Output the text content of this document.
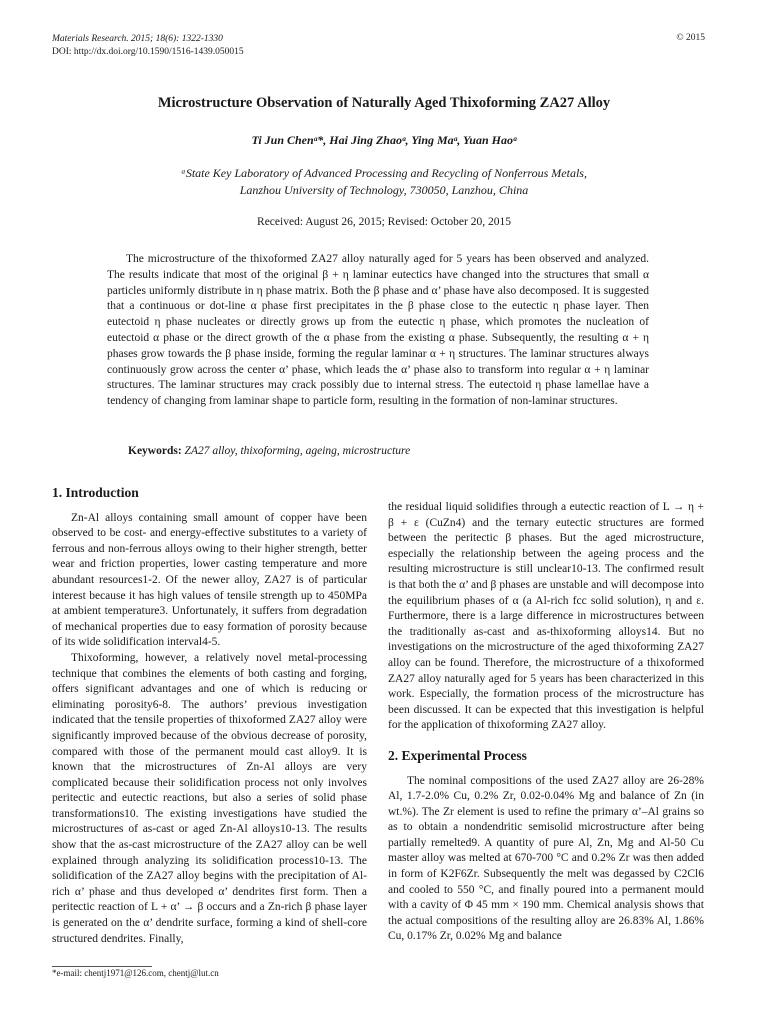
Materials Research. 2015; 18(6): 1322-1330
DOI: http://dx.doi.org/10.1590/1516-1439.050015
© 2015
Microstructure Observation of Naturally Aged Thixoforming ZA27 Alloy
Ti Jun Chenᵃ*, Hai Jing Zhaoᵃ, Ying Maᵃ, Yuan Haoᵃ
ᵃState Key Laboratory of Advanced Processing and Recycling of Nonferrous Metals,
Lanzhou University of Technology, 730050, Lanzhou, China
Received: August 26, 2015; Revised: October 20, 2015

The microstructure of the thixoformed ZA27 alloy naturally aged for 5 years has been observed and analyzed. The results indicate that most of the original β + η laminar eutectics have changed into the structures that small α particles uniformly distribute in η phase matrix. Both the β phase and α’ phase have also decomposed. It is suggested that a continuous or dot-line α phase first precipitates in the β phase close to the eutectic η phase layer. Then eutectoid η phase nucleates or directly grows up from the eutectic η phase, which promotes the nucleation of eutectoid α phase or the direct growth of the α phase from the existing α phase. Subsequently, the resulting α + η phases grow towards the β phase inside, forming the regular laminar α + η structures. The laminar structures always continuously grow across the center α’ phase, which leads the α’ phase also to transform into regular α + η laminar structures. The laminar structures may crack possibly due to internal stress. The eutectoid η phase lamellae have a tendency of changing from laminar shape to particle form, resulting in the formation of non-laminar structures.

Keywords: ZA27 alloy, thixoforming, ageing, microstructure

1. Introduction

Zn-Al alloys containing small amount of copper have been observed to be cost- and energy-effective substitutes to a variety of ferrous and non-ferrous alloys owing to their higher strength, better wear and friction properties, lower casting temperature and more abundant resources1-2. Of the newer alloy, ZA27 is of particular interest because it has high values of tensile strength up to 450MPa at ambient temperature3. Unfortunately, it suffers from degradation of mechanical properties due to easy formation of porosity because of its wide solidification interval4-5.

Thixoforming, however, a relatively novel metal-processing technique that combines the elements of both casting and forging, offers significant advantages and one of which is reducing or eliminating porosity6-8. The authors’ previous investigation indicated that the tensile properties of thixoformed ZA27 alloy were significantly improved because of the obvious decrease of porosity, compared with those of the permanent mould cast alloy9. It is known that the microstructures of Zn-Al alloys are very complicated because their solidification process not only involves peritectic and eutectic reactions, but also a series of solid phase transformations10. The existing investigations have studied the microstructures of as-cast or aged Zn-Al alloys10-13. The results show that the as-cast microstructure of the ZA27 alloy can be well explained through analyzing its solidification process10-13. The solidification of the ZA27 alloy begins with the precipitation of Al-rich α’ phase and thus developed α’ dendrites first form. Then a peritectic reaction of L + α’ → β occurs and a Zn-rich β phase layer is generated on the α’ dendrite surface, forming a kind of shell-core structured dendrites. Finally,

the residual liquid solidifies through a eutectic reaction of L → η + β + ε (CuZn4) and the ternary eutectic structures are formed between the peritectic β phases. But the aged microstructure, especially the relationship between the ageing process and the resulting microstructure is still unclear10-13. The confirmed result is that both the α’ and β phases are unstable and will decompose into the equilibrium phases of α (a Al-rich fcc solid solution), η and ε. Furthermore, there is a large difference in microstructures between the traditionally as-cast and as-thixoforming alloys14. But no investigations on the microstructure of the aged thixoforming ZA27 alloy can be found. Therefore, the microstructure of a thixoformed ZA27 alloy naturally aged for 5 years has been characterized in this work. Especially, the formation process of the microstructure has been discussed. It can be expected that this investigation is helpful for the application of thixoforming ZA27 alloy.

2. Experimental Process

The nominal compositions of the used ZA27 alloy are 26-28% Al, 1.7-2.0% Cu, 0.2% Zr, 0.02-0.04% Mg and balance of Zn (in wt.%). The Zr element is used to refine the primary α’–Al grains so as to obtain a nondendritic semisolid microstructure after being partially remelted9. A quantity of pure Al, Zn, Mg and Al-50 Cu master alloy was melted at 670-700 °C and 0.2% Zr was then added in form of K2F6Zr. Subsequently the melt was degassed by C2Cl6 and cooled to 550 °C, and finally poured into a permanent mould with a cavity of Φ 45 mm × 190 mm. Chemical analysis shows that the actual compositions of the resulting alloy are 26.83% Al, 1.86% Cu, 0.17% Zr, 0.02% Mg and balance

*e-mail: chentj1971@126.com, chentj@lut.cn
